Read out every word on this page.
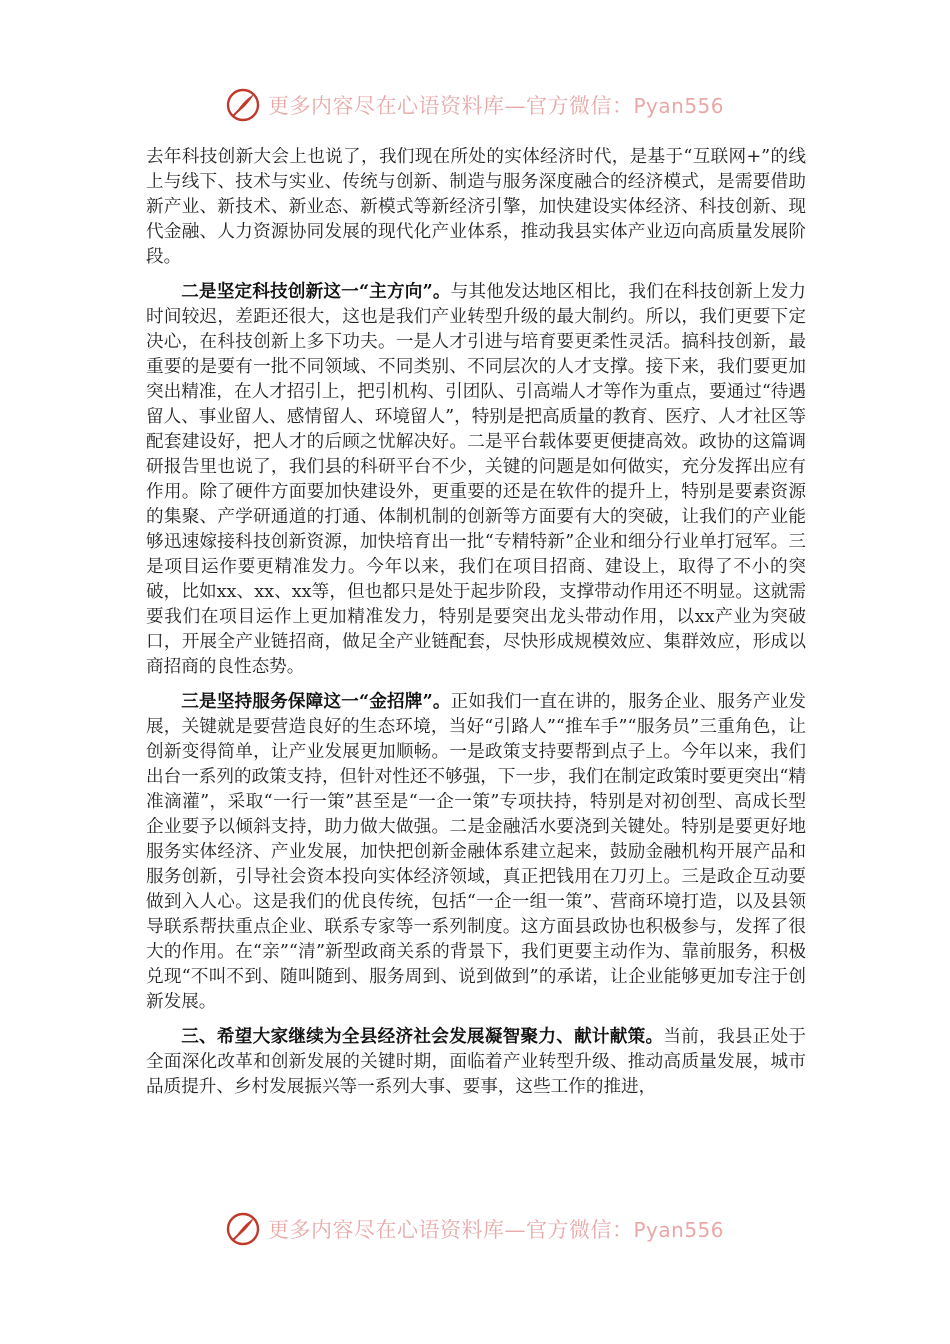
更多内容尽在心语资料库—官方微信：Pyan556

去年科技创新大会上也说了，我们现在所处的实体经济时代，是基于“互联网+”的线上与线下、技术与实业、传统与创新、制造与服务深度融合的经济模式，是需要借助新产业、新技术、新业态、新模式等新经济引擎，加快建设实体经济、科技创新、现代金融、人力资源协同发展的现代化产业体系，推动我县实体产业迈向高质量发展阶段。

二是坚定科技创新这一“主方向”。与其他发达地区相比，我们在科技创新上发力时间较迟，差距还很大，这也是我们产业转型升级的最大制约。所以，我们更要下定决心，在科技创新上多下功夫。一是人才引进与培育要更柔性灵活。搞科技创新，最重要的是要有一批不同领域、不同类别、不同层次的人才支撑。接下来，我们要更加突出精准，在人才招引上，把引机构、引团队、引高端人才等作为重点，要通过“待遇留人、事业留人、感情留人、环境留人”，特别是把高质量的教育、医疗、人才社区等配套建设好，把人才的后顾之忧解决好。二是平台载体要更便捷高效。政协的这篇调研报告里也说了，我们县的科研平台不少，关键的问题是如何做实，充分发挥出应有作用。除了硬件方面要加快建设外，更重要的还是在软件的提升上，特别是要素资源的集聚、产学研通道的打通、体制机制的创新等方面要有大的突破，让我们的产业能够迅速嫁接科技创新资源，加快培育出一批“专精特新”企业和细分行业单打冠军。三是项目运作要更精准发力。今年以来，我们在项目招商、建设上，取得了不小的突破，比如xx、xx、xx等，但也都只是处于起步阶段，支撑带动作用还不明显。这就需要我们在项目运作上更加精准发力，特别是要突出龙头带动作用，以xx产业为突破口，开展全产业链招商，做足全产业链配套，尽快形成规模效应、集群效应，形成以商招商的良性态势。

三是坚持服务保障这一“金招牌”。正如我们一直在讲的，服务企业、服务产业发展，关键就是要营造良好的生态环境，当好“引路人”“推车手”“服务员”三重角色，让创新变得简单，让产业发展更加顺畅。一是政策支持要帮到点子上。今年以来，我们出台一系列的政策支持，但针对性还不够强，下一步，我们在制定政策时要更突出“精准滴灌”，采取“一行一策”甚至是“一企一策”专项扶持，特别是对初创型、高成长型企业要予以倾斜支持，助力做大做强。二是金融活水要浇到关键处。特别是要更好地服务实体经济、产业发展，加快把创新金融体系建立起来，鼓励金融机构开展产品和服务创新，引导社会资本投向实体经济领域，真正把钱用在刀刃上。三是政企互动要做到入人心。这是我们的优良传统，包括“一企一组一策”、营商环境打造，以及县领导联系帮扶重点企业、联系专家等一系列制度。这方面县政协也积极参与，发挥了很大的作用。在“亲”“清”新型政商关系的背景下，我们更要主动作为、靠前服务，积极兑现“不叫不到、随叫随到、服务周到、说到做到”的承诺，让企业能够更加专注于创新发展。

三、希望大家继续为全县经济社会发展凝智聚力、献计献策。当前，我县正处于全面深化改革和创新发展的关键时期，面临着产业转型升级、推动高质量发展，城市品质提升、乡村发展振兴等一系列大事、要事，这些工作的推进，

更多内容尽在心语资料库—官方微信：Pyan556
